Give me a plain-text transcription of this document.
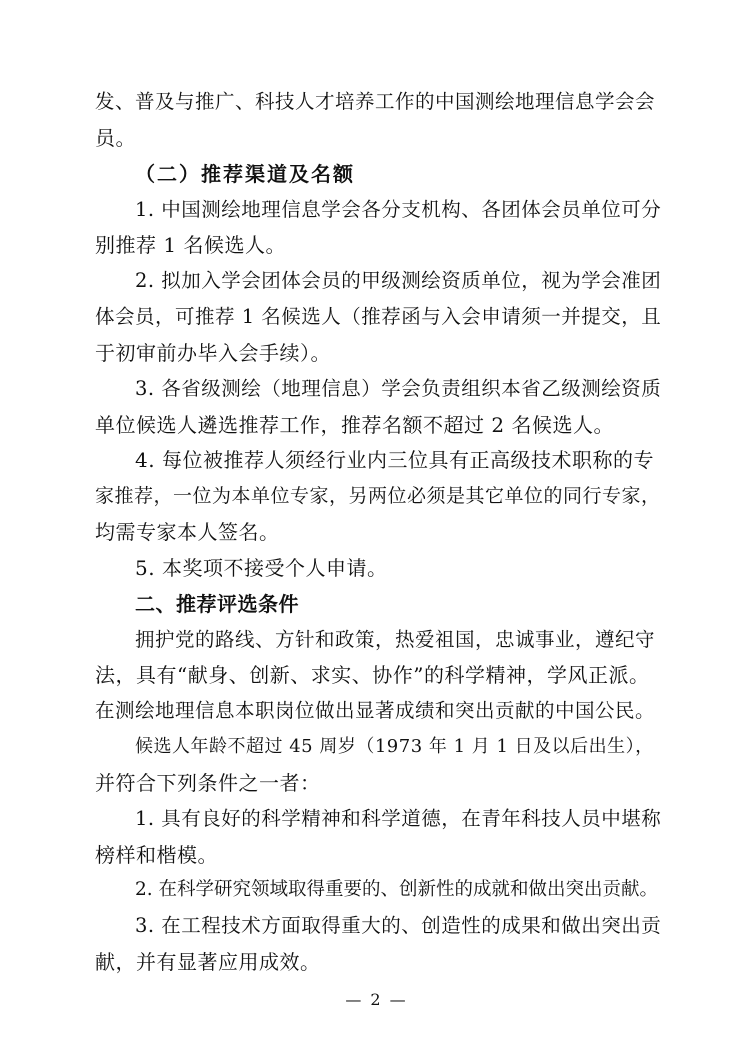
发、普及与推广、科技人才培养工作的中国测绘地理信息学会会
员。
（二）推荐渠道及名额
1. 中国测绘地理信息学会各分支机构、各团体会员单位可分
别推荐 1 名候选人。
2. 拟加入学会团体会员的甲级测绘资质单位，视为学会准团
体会员，可推荐 1 名候选人（推荐函与入会申请须一并提交，且
于初审前办毕入会手续）。
3. 各省级测绘（地理信息）学会负责组织本省乙级测绘资质
单位候选人遴选推荐工作，推荐名额不超过 2 名候选人。
4. 每位被推荐人须经行业内三位具有正高级技术职称的专
家推荐，一位为本单位专家，另两位必须是其它单位的同行专家，
均需专家本人签名。
5. 本奖项不接受个人申请。
二、推荐评选条件
拥护党的路线、方针和政策，热爱祖国，忠诚事业，遵纪守
法，具有“献身、创新、求实、协作”的科学精神，学风正派。
在测绘地理信息本职岗位做出显著成绩和突出贡献的中国公民。
候选人年龄不超过 45 周岁（1973 年 1 月 1 日及以后出生），
并符合下列条件之一者：
1. 具有良好的科学精神和科学道德，在青年科技人员中堪称
榜样和楷模。
2. 在科学研究领域取得重要的、创新性的成就和做出突出贡献。
3. 在工程技术方面取得重大的、创造性的成果和做出突出贡
献，并有显著应用成效。
— 2 —
